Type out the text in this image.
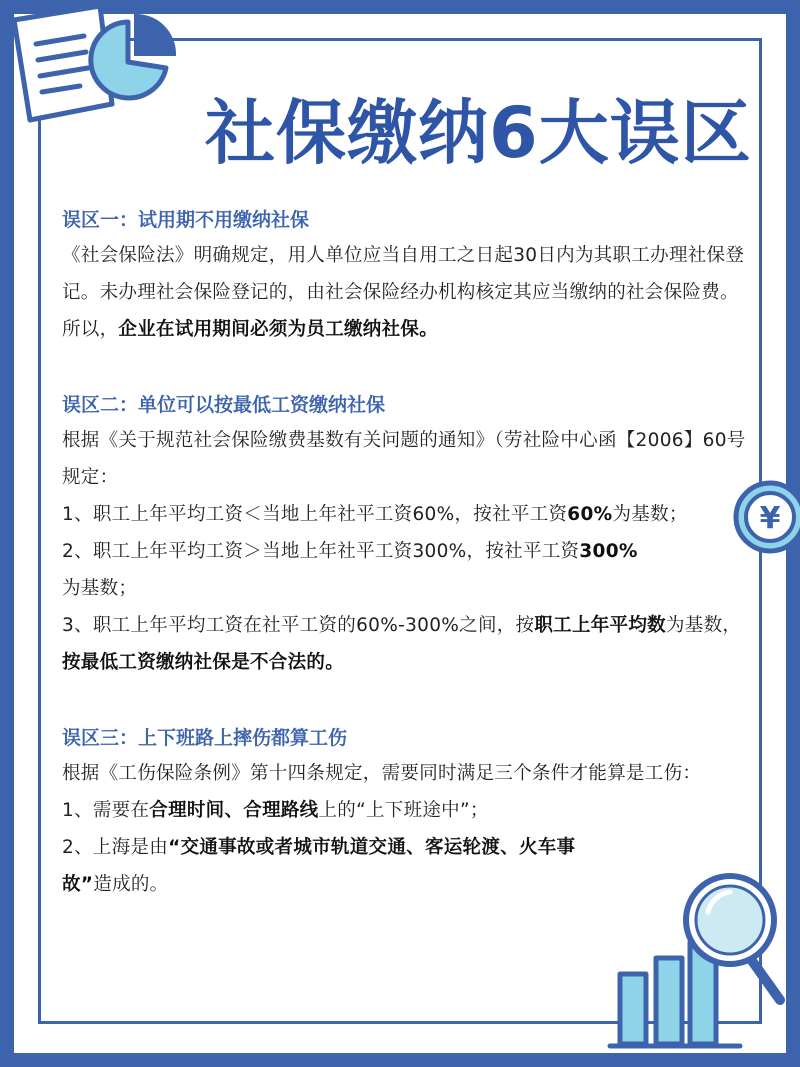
¥
社保缴纳6大误区
误区一：试用期不用缴纳社保
《社会保险法》明确规定，用人单位应当自用工之日起30日内为其职工办理社保登记。未办理社会保险登记的，由社会保险经办机构核定其应当缴纳的社会保险费。所以，企业在试用期间必须为员工缴纳社保。
误区二：单位可以按最低工资缴纳社保
根据《关于规范社会保险缴费基数有关问题的通知》（劳社险中心函【2006】60号规定：
1、职工上年平均工资＜当地上年社平工资60%，按社平工资60%为基数；
2、职工上年平均工资＞当地上年社平工资300%，按社平工资300%
为基数；
3、职工上年平均工资在社平工资的60%-300%之间，按职工上年平均数为基数，按最低工资缴纳社保是不合法的。
误区三：上下班路上摔伤都算工伤
根据《工伤保险条例》第十四条规定，需要同时满足三个条件才能算是工伤：
1、需要在合理时间、合理路线上的“上下班途中”；
2、上海是由“交通事故或者城市轨道交通、客运轮渡、火车事故”造成的。
